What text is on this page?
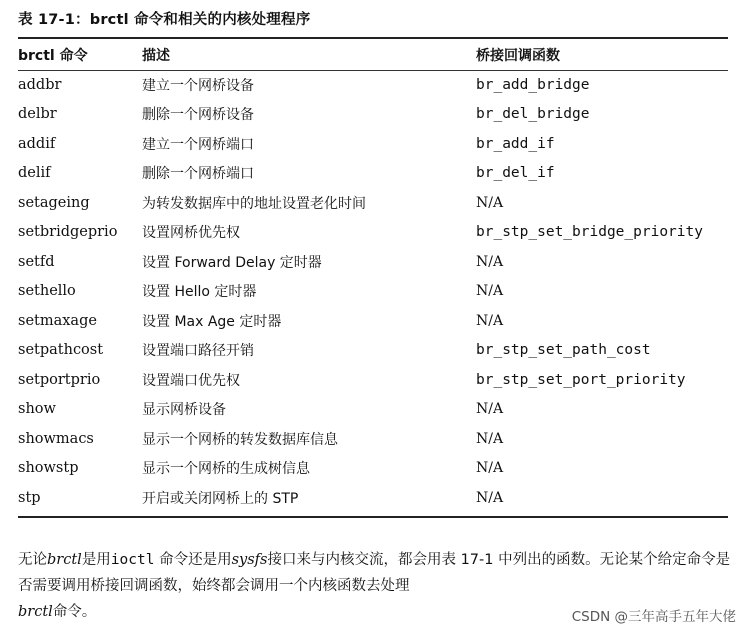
表 17-1：brctl 命令和相关的内核处理程序
brctl 命令	描述	桥接回调函数
addbr	建立一个网桥设备	br_add_bridge
delbr	删除一个网桥设备	br_del_bridge
addif	建立一个网桥端口	br_add_if
delif	删除一个网桥端口	br_del_if
setageing	为转发数据库中的地址设置老化时间	N/A
setbridgeprio	设置网桥优先权	br_stp_set_bridge_priority
setfd	设置 Forward Delay 定时器	N/A
sethello	设置 Hello 定时器	N/A
setmaxage	设置 Max Age 定时器	N/A
setpathcost	设置端口路径开销	br_stp_set_path_cost
setportprio	设置端口优先权	br_stp_set_port_priority
show	显示网桥设备	N/A
showmacs	显示一个网桥的转发数据库信息	N/A
showstp	显示一个网桥的生成树信息	N/A
stp	开启或关闭网桥上的 STP	N/A
无论brctl是用ioctl 命令还是用sysfs接口来与内核交流，都会用表 17-1 中列出的函数。无论某个给定命令是否需要调用桥接回调函数，始终都会调用一个内核函数去处理
brctl命令。	CSDN @三年高手五年大佬
